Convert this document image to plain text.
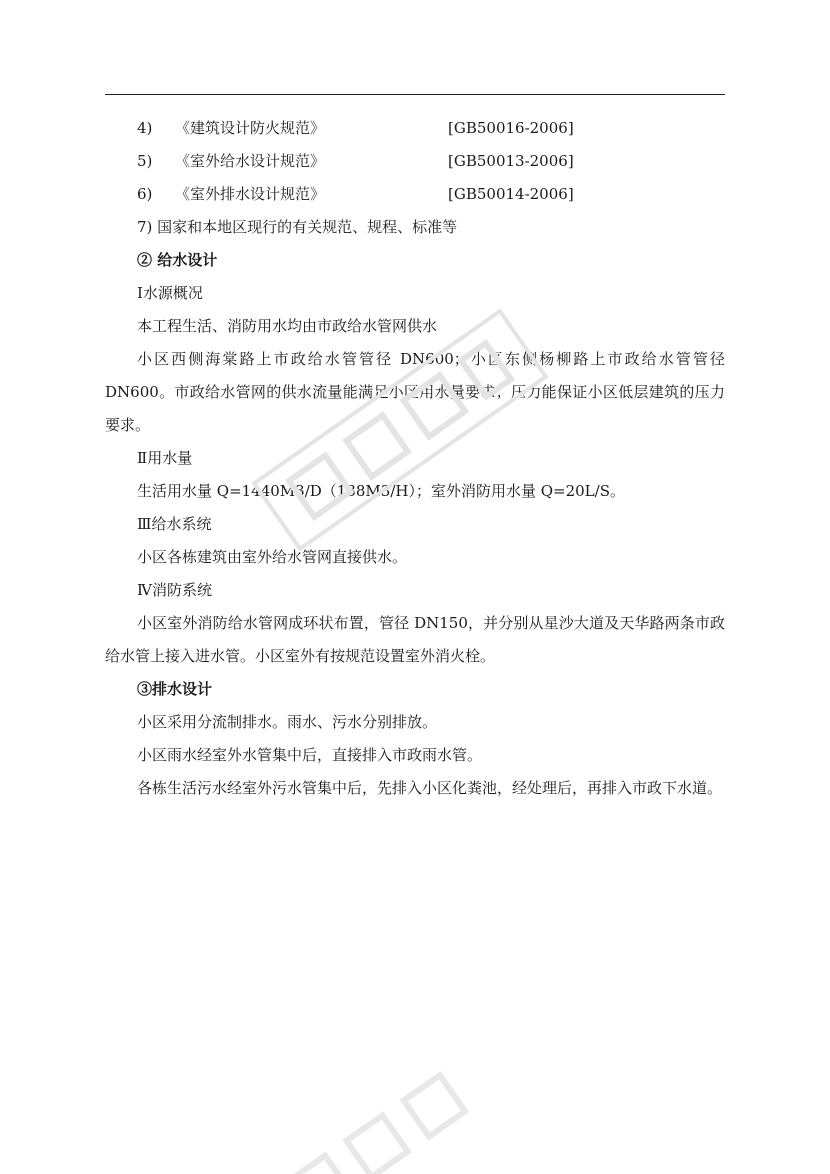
4) 《建筑设计防火规范》	[GB50016-2006]
5) 《室外给水设计规范》	[GB50013-2006]
6) 《室外排水设计规范》	[GB50014-2006]
7) 国家和本地区现行的有关规范、规程、标准等
② 给水设计
Ⅰ水源概况
本工程生活、消防用水均由市政给水管网供水
小区西侧海棠路上市政给水管管径 DN600；小区东侧杨柳路上市政给水管管径DN600。市政给水管网的供水流量能满足小区用水量要求；压力能保证小区低层建筑的压力要求。
Ⅱ用水量
生活用水量 Q=1440M3/D（138M3/H）；室外消防用水量 Q=20L/S。
Ⅲ给水系统
小区各栋建筑由室外给水管网直接供水。
Ⅳ消防系统
小区室外消防给水管网成环状布置，管径 DN150，并分别从星沙大道及天华路两条市政给水管上接入进水管。小区室外有按规范设置室外消火栓。
③排水设计
小区采用分流制排水。雨水、污水分别排放。
小区雨水经室外水管集中后，直接排入市政雨水管。
各栋生活污水经室外污水管集中后，先排入小区化粪池，经处理后，再排入市政下水道。
